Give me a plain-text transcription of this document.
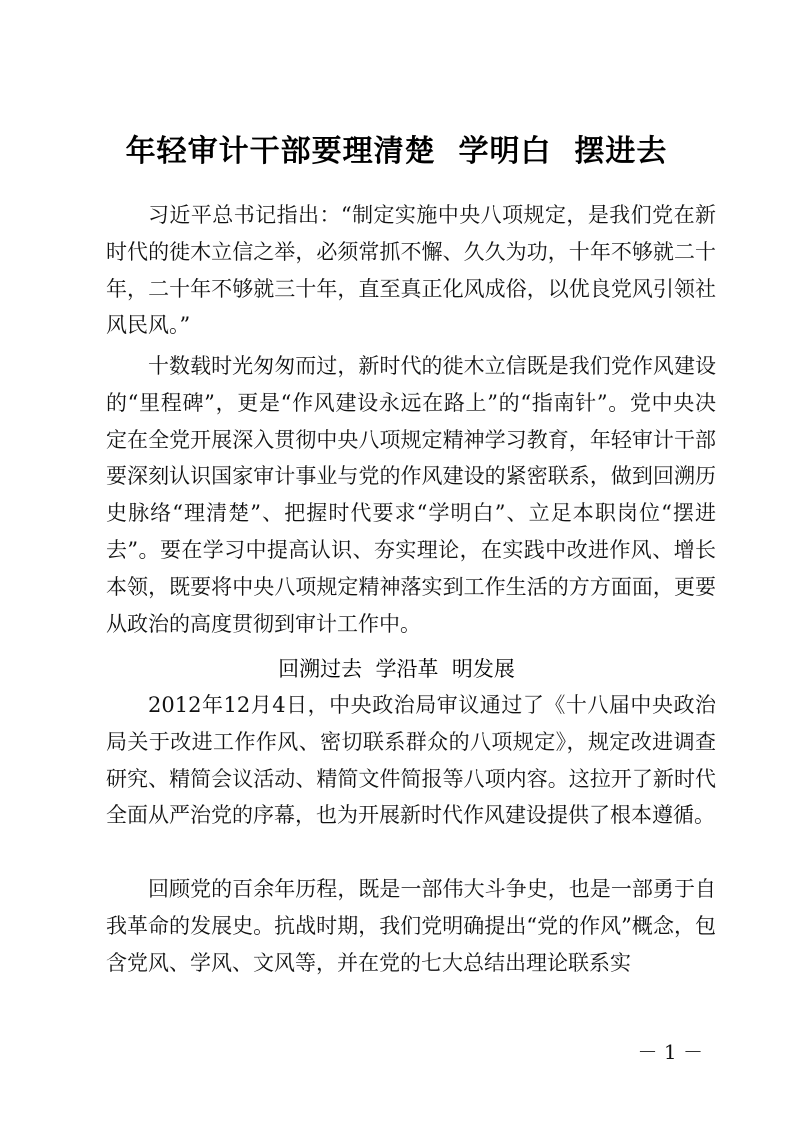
年轻审计干部要理清楚  学明白  摆进去

习近平总书记指出：“制定实施中央八项规定，是我们党在新时代的徙木立信之举，必须常抓不懈、久久为功，十年不够就二十年，二十年不够就三十年，直至真正化风成俗，以优良党风引领社风民风。”

十数载时光匆匆而过，新时代的徙木立信既是我们党作风建设的“里程碑”，更是“作风建设永远在路上”的“指南针”。党中央决定在全党开展深入贯彻中央八项规定精神学习教育，年轻审计干部要深刻认识国家审计事业与党的作风建设的紧密联系，做到回溯历史脉络“理清楚”、把握时代要求“学明白”、立足本职岗位“摆进去”。要在学习中提高认识、夯实理论，在实践中改进作风、增长本领，既要将中央八项规定精神落实到工作生活的方方面面，更要从政治的高度贯彻到审计工作中。

回溯过去  学沿革  明发展

2012年12月4日，中央政治局审议通过了《十八届中央政治局关于改进工作作风、密切联系群众的八项规定》，规定改进调查研究、精简会议活动、精简文件简报等八项内容。这拉开了新时代全面从严治党的序幕，也为开展新时代作风建设提供了根本遵循。

回顾党的百余年历程，既是一部伟大斗争史，也是一部勇于自我革命的发展史。抗战时期，我们党明确提出“党的作风”概念，包含党风、学风、文风等，并在党的七大总结出理论联系实

－ 1 －
